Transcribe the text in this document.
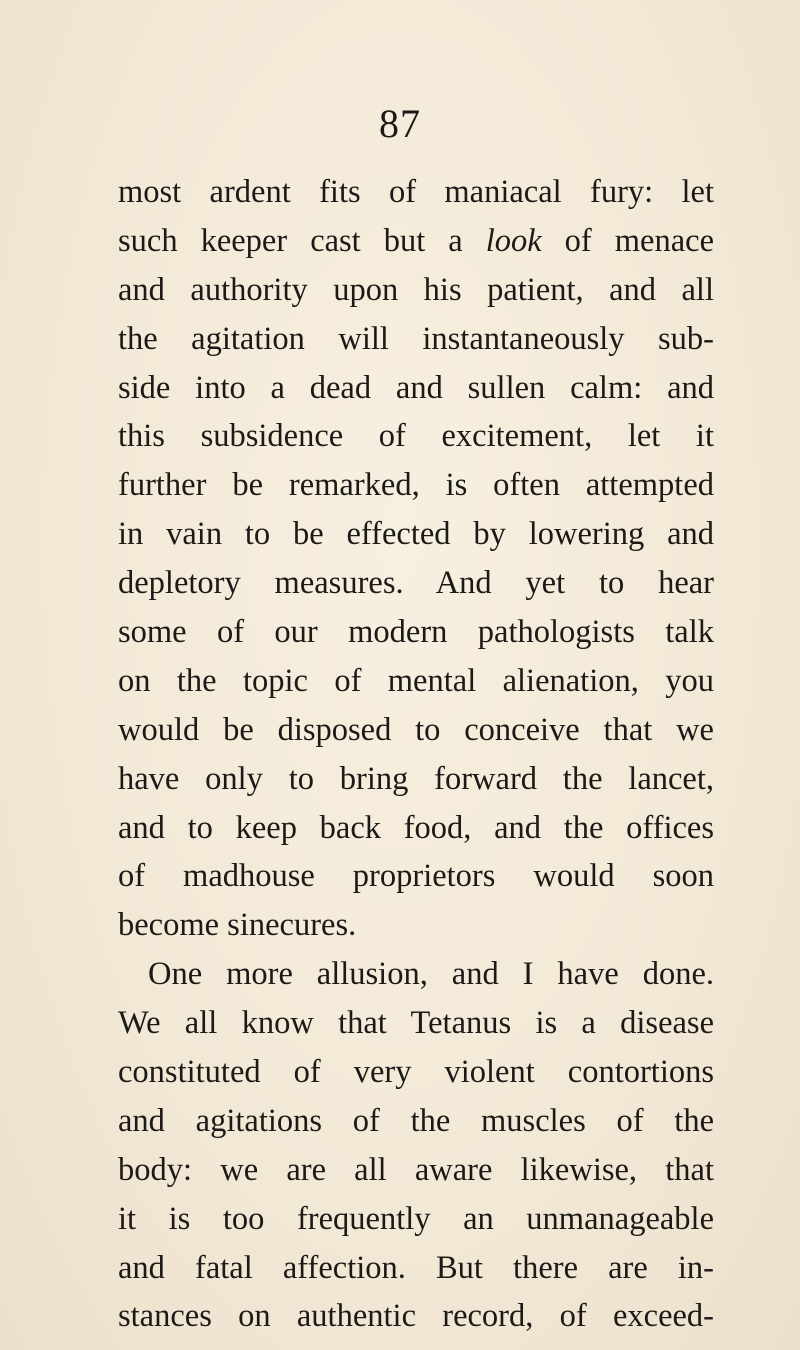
87
most ardent fits of maniacal fury: let
such keeper cast but a look of menace
and authority upon his patient, and all
the agitation will instantaneously sub-
side into a dead and sullen calm: and
this subsidence of excitement, let it
further be remarked, is often attempted
in vain to be effected by lowering and
depletory measures. And yet to hear
some of our modern pathologists talk
on the topic of mental alienation, you
would be disposed to conceive that we
have only to bring forward the lancet,
and to keep back food, and the offices
of madhouse proprietors would soon
become sinecures.
One more allusion, and I have done.
We all know that Tetanus is a disease
constituted of very violent contortions
and agitations of the muscles of the
body: we are all aware likewise, that
it is too frequently an unmanageable
and fatal affection. But there are in-
stances on authentic record, of exceed-
